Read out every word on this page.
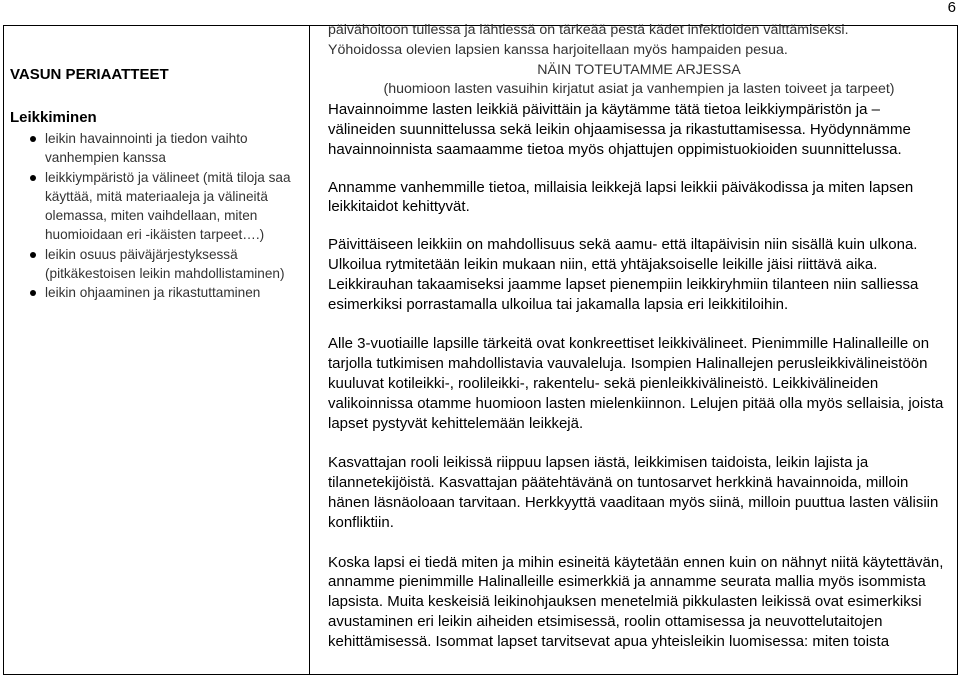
6

VASUN PERIAATTEET

Leikkiminen

leikin havainnointi ja tiedon vaihto vanhempien kanssa
leikkiympäristö ja välineet (mitä tiloja saa käyttää, mitä materiaaleja ja välineitä olemassa, miten vaihdellaan, miten huomioidaan eri -ikäisten tarpeet….)
leikin osuus päiväjärjestyksessä (pitkäkestoisen leikin mahdollistaminen)
leikin ohjaaminen ja rikastuttaminen

päivähoitoon tullessa ja lähtiessä on tärkeää pestä kädet infektioiden välttämiseksi.

Yöhoidossa olevien lapsien kanssa harjoitellaan myös hampaiden pesua.

NÄIN TOTEUTAMME ARJESSA

(huomioon lasten vasuihin kirjatut asiat ja vanhempien ja lasten toiveet ja tarpeet)

Havainnoimme lasten leikkiä päivittäin ja käytämme tätä tietoa leikkiympäristön ja – välineiden suunnittelussa sekä leikin ohjaamisessa ja rikastuttamisessa. Hyödynnämme havainnoinnista saamaamme tietoa myös ohjattujen oppimistuokioiden suunnittelussa.

Annamme vanhemmille tietoa, millaisia leikkejä lapsi leikkii päiväkodissa ja miten lapsen leikkitaidot kehittyvät.

Päivittäiseen leikkiin on mahdollisuus sekä aamu- että iltapäivisin niin sisällä kuin ulkona. Ulkoilua rytmitetään leikin mukaan niin, että yhtäjaksoiselle leikille jäisi riittävä aika. Leikkirauhan takaamiseksi jaamme lapset pienempiin leikkiryhmiin tilanteen niin salliessa esimerkiksi porrastamalla ulkoilua tai jakamalla lapsia eri leikkitiloihin.

Alle 3-vuotiaille lapsille tärkeitä ovat konkreettiset leikkivälineet. Pienimmille Halinalleille on tarjolla tutkimisen mahdollistavia vauvaleluja. Isompien Halinallejen perusleikkivälineistöön kuuluvat kotileikki-, roolileikki-, rakentelu- sekä pienleikkivälineistö. Leikkivälineiden valikoinnissa otamme huomioon lasten mielenkiinnon. Lelujen pitää olla myös sellaisia, joista lapset pystyvät kehittelemään leikkejä.

Kasvattajan rooli leikissä riippuu lapsen iästä, leikkimisen taidoista, leikin lajista ja tilannetekijöistä. Kasvattajan päätehtävänä on tuntosarvet herkkinä havainnoida, milloin hänen läsnäoloaan tarvitaan. Herkkyyttä vaaditaan myös siinä, milloin puuttua lasten välisiin konfliktiin.

Koska lapsi ei tiedä miten ja mihin esineitä käytetään ennen kuin on nähnyt niitä käytettävän, annamme pienimmille Halinalleille esimerkkiä ja annamme seurata mallia myös isommista lapsista. Muita keskeisiä leikinohjauksen menetelmiä pikkulasten leikissä ovat esimerkiksi avustaminen eri leikin aiheiden etsimisessä, roolin ottamisessa ja neuvottelutaitojen kehittämisessä. Isommat lapset tarvitsevat apua yhteisleikin luomisessa: miten toista
